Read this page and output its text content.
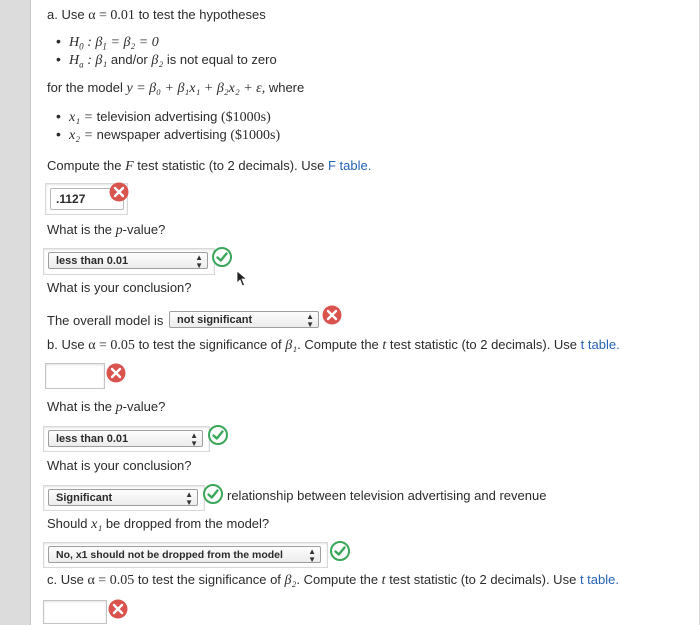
a. Use α = 0.01 to test the hypotheses
• $H_0$ : $\beta_1 = \beta_2 = 0$
• $H_a$ : β₁ and/or β₂ is not equal to zero
for the model y = β₀ + β₁x₁ + β₂x₂ + ε, where
• x₁ = television advertising ($1000s)
• x₂ = newspaper advertising ($1000s)
Compute the F test statistic (to 2 decimals). Use F table.
.1127
What is the p-value?
less than 0.01	▲
▼
What is your conclusion?
The overall model is	not significant	▲
▼
b. Use α = 0.05 to test the significance of β₁. Compute the t test statistic (to 2 decimals). Use t table.
What is the p-value?
less than 0.01	▲
▼
What is your conclusion?
Significant	▲
▼	relationship between television advertising and revenue
Should x₁ be dropped from the model?
No, x1 should not be dropped from the model	▲
▼
c. Use α = 0.05 to test the significance of β₂. Compute the t test statistic (to 2 decimals). Use t table.
